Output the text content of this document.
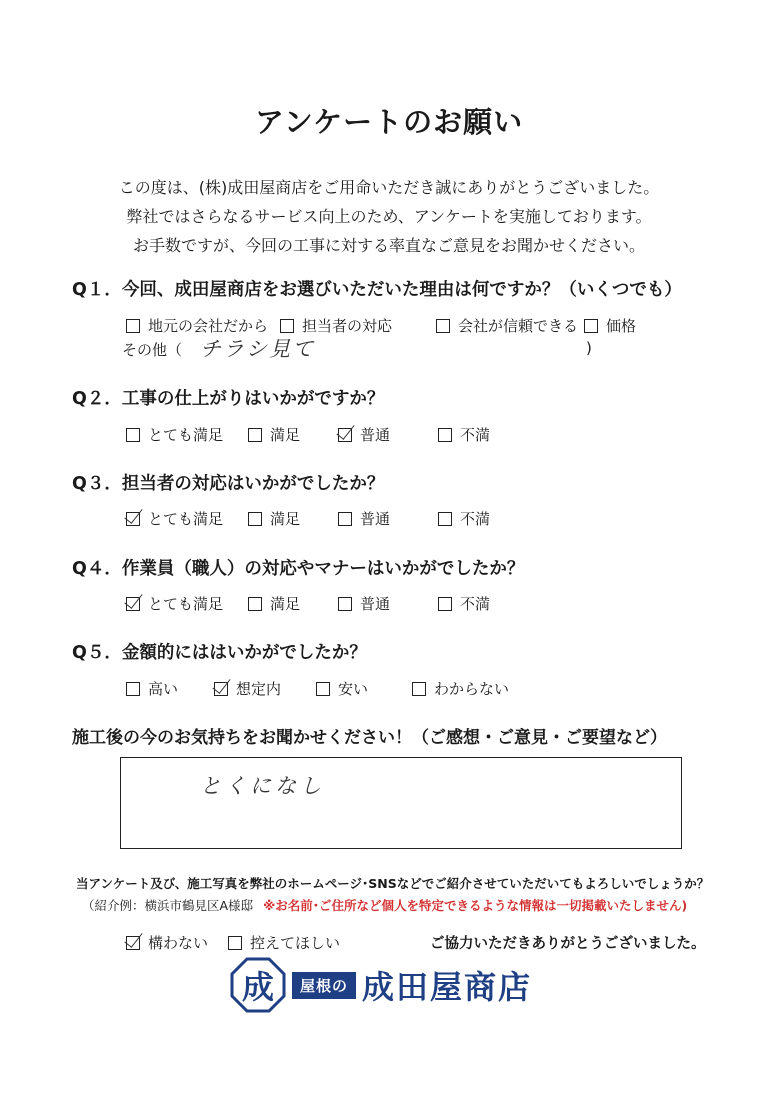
アンケートのお願い
この度は、(株)成田屋商店をご用命いただき誠にありがとうございました。
弊社ではさらなるサービス向上のため、アンケートを実施しております。
お手数ですが、今回の工事に対する率直なご意見をお聞かせください。
Q１．今回、成田屋商店をお選びいただいた理由は何ですか？（いくつでも）
地元の会社だから 担当者の対応	会社が信頼できる 価格
その他（ チラシ見て	)
Q２．工事の仕上がりはいかがですか？
とても満足	満足	普通	不満
Q３．担当者の対応はいかがでしたか？
とても満足	満足	普通	不満
Q４．作業員（職人）の対応やマナーはいかがでしたか？
とても満足	満足	普通	不満
Q５．金額的にははいかがでしたか？
高い	想定内	安い	わからない
施工後の今のお気持ちをお聞かせください！（ご感想・ご意見・ご要望など）
とくになし
当アンケート及び、施工写真を弊社のホームページ･SNSなどでご紹介させていただいてもよろしいでしょうか？
（紹介例：横浜市鶴見区A様邸 ※お名前･ご住所など個人を特定できるような情報は一切掲載いたしません)
構わない	控えてほしい	ご協力いただきありがとうございました。
成	屋根の 成田屋商店
